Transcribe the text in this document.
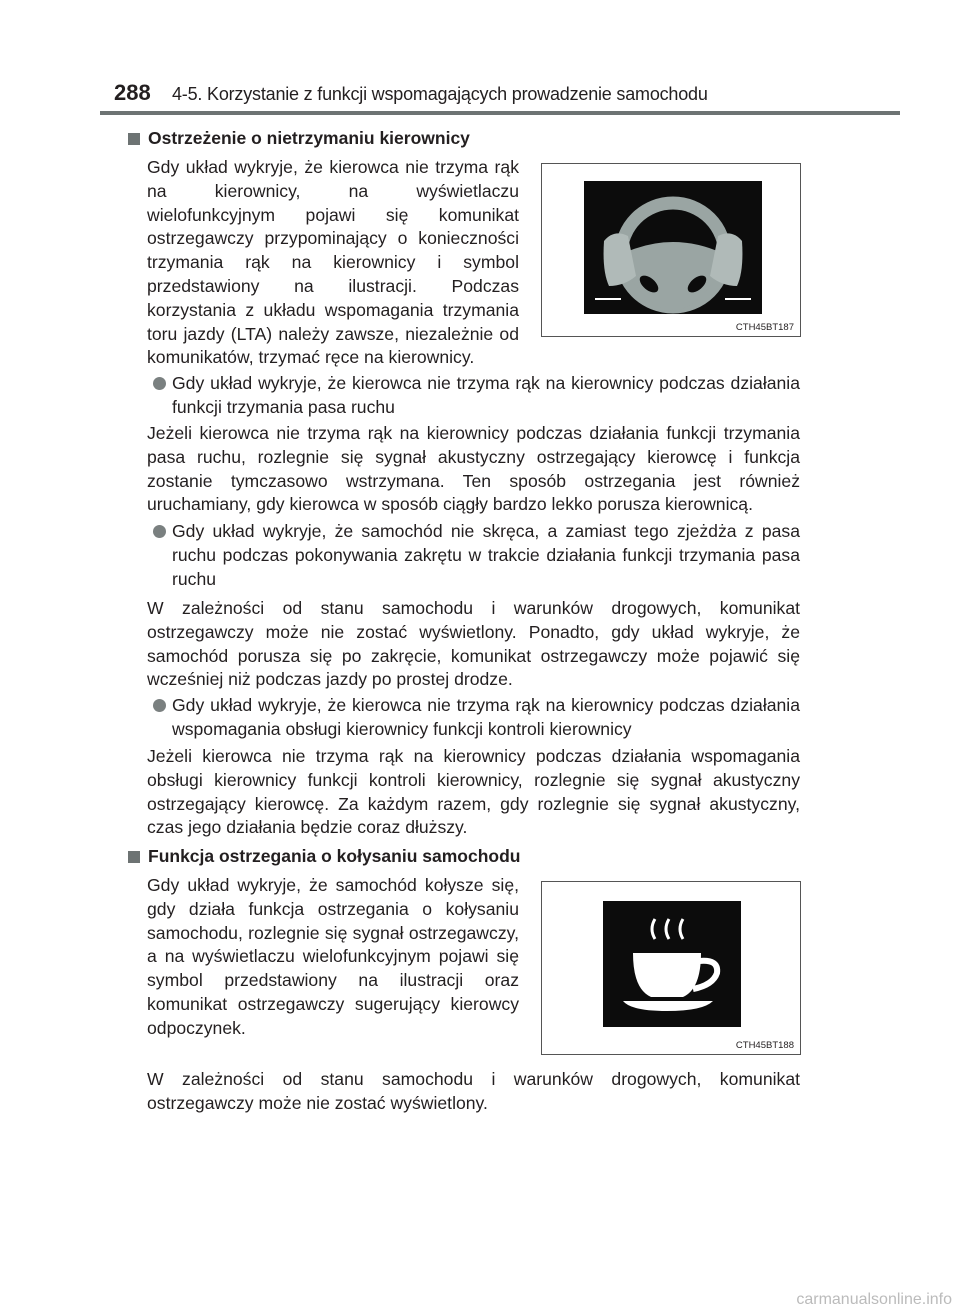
288 4-5. Korzystanie z funkcji wspomagających prowadzenie samochodu
Ostrzeżenie o nietrzymaniu kierownicy
Gdy układ wykryje, że kierowca nie trzyma rąk na kierownicy, na wyświetlaczu wielofunkcyjnym pojawi się komunikat ostrzegawczy przypominający o konieczności trzymania rąk na kierownicy i symbol przedstawiony na ilustracji. Podczas korzystania z układu wspomagania trzymania toru jazdy (LTA) należy zawsze, niezależnie od komunikatów, trzymać ręce na kierownicy.
CTH45BT187
Gdy układ wykryje, że kierowca nie trzyma rąk na kierownicy podczas działania funkcji trzymania pasa ruchu
Jeżeli kierowca nie trzyma rąk na kierownicy podczas działania funkcji trzymania pasa ruchu, rozlegnie się sygnał akustyczny ostrzegający kierowcę i funkcja zostanie tymczasowo wstrzymana. Ten sposób ostrzegania jest również uruchamiany, gdy kierowca w sposób ciągły bardzo lekko porusza kierownicą.
Gdy układ wykryje, że samochód nie skręca, a zamiast tego zjeżdża z pasa ruchu podczas pokonywania zakrętu w trakcie działania funkcji trzymania pasa ruchu
W zależności od stanu samochodu i warunków drogowych, komunikat ostrzegawczy może nie zostać wyświetlony. Ponadto, gdy układ wykryje, że samochód porusza się po zakręcie, komunikat ostrzegawczy może pojawić się wcześniej niż podczas jazdy po prostej drodze.
Gdy układ wykryje, że kierowca nie trzyma rąk na kierownicy podczas działania wspomagania obsługi kierownicy funkcji kontroli kierownicy
Jeżeli kierowca nie trzyma rąk na kierownicy podczas działania wspomagania obsługi kierownicy funkcji kontroli kierownicy, rozlegnie się sygnał akustyczny ostrzegający kierowcę. Za każdym razem, gdy rozlegnie się sygnał akustyczny, czas jego działania będzie coraz dłuższy.
Funkcja ostrzegania o kołysaniu samochodu
Gdy układ wykryje, że samochód kołysze się, gdy działa funkcja ostrzegania o kołysaniu samochodu, rozlegnie się sygnał ostrzegawczy, a na wyświetlaczu wielofunkcyjnym pojawi się symbol przedstawiony na ilustracji oraz komunikat ostrzegawczy sugerujący kierowcy odpoczynek.
CTH45BT188
W zależności od stanu samochodu i warunków drogowych, komunikat ostrzegawczy może nie zostać wyświetlony.
carmanualsonline.info
